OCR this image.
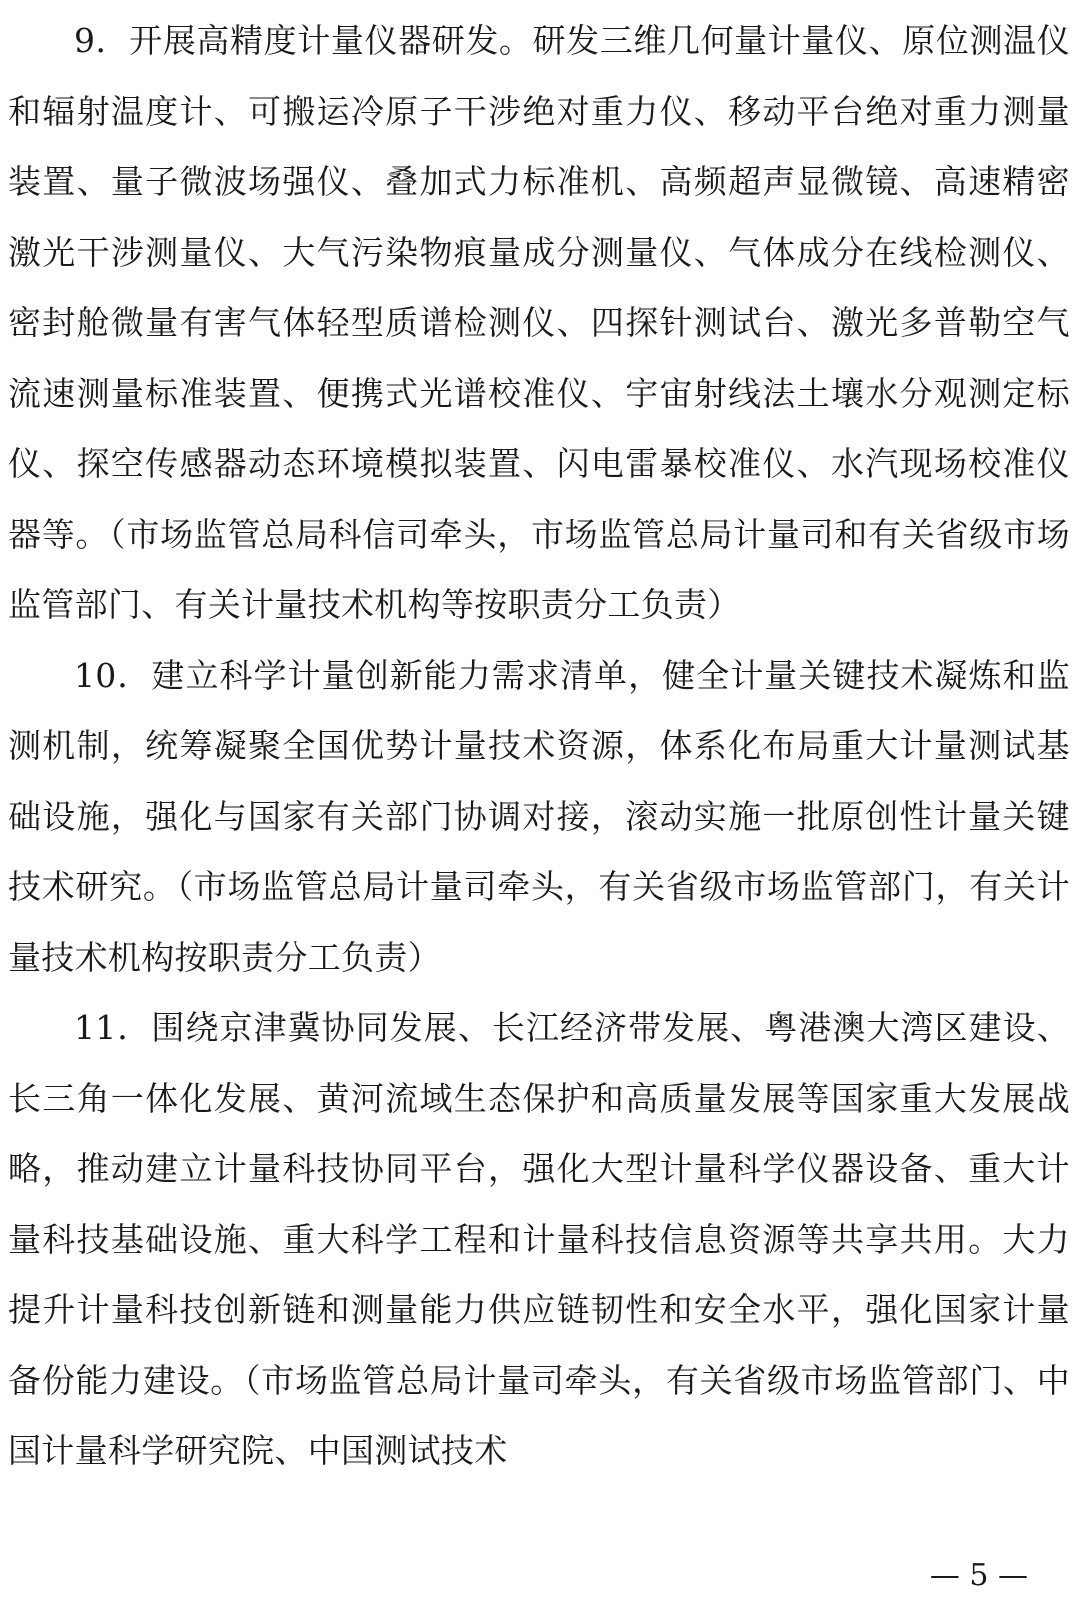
9．开展高精度计量仪器研发。研发三维几何量计量仪、原位测温仪和辐射温度计、可搬运冷原子干涉绝对重力仪、移动平台绝对重力测量装置、量子微波场强仪、叠加式力标准机、高频超声显微镜、高速精密激光干涉测量仪、大气污染物痕量成分测量仪、气体成分在线检测仪、密封舱微量有害气体轻型质谱检测仪、四探针测试台、激光多普勒空气流速测量标准装置、便携式光谱校准仪、宇宙射线法土壤水分观测定标仪、探空传感器动态环境模拟装置、闪电雷暴校准仪、水汽现场校准仪器等。（市场监管总局科信司牵头，市场监管总局计量司和有关省级市场监管部门、有关计量技术机构等按职责分工负责）

10．建立科学计量创新能力需求清单，健全计量关键技术凝炼和监测机制，统筹凝聚全国优势计量技术资源，体系化布局重大计量测试基础设施，强化与国家有关部门协调对接，滚动实施一批原创性计量关键技术研究。（市场监管总局计量司牵头，有关省级市场监管部门，有关计量技术机构按职责分工负责）

11．围绕京津冀协同发展、长江经济带发展、粤港澳大湾区建设、长三角一体化发展、黄河流域生态保护和高质量发展等国家重大发展战略，推动建立计量科技协同平台，强化大型计量科学仪器设备、重大计量科技基础设施、重大科学工程和计量科技信息资源等共享共用。大力提升计量科技创新链和测量能力供应链韧性和安全水平，强化国家计量备份能力建设。（市场监管总局计量司牵头，有关省级市场监管部门、中国计量科学研究院、中国测试技术

— 5 —
